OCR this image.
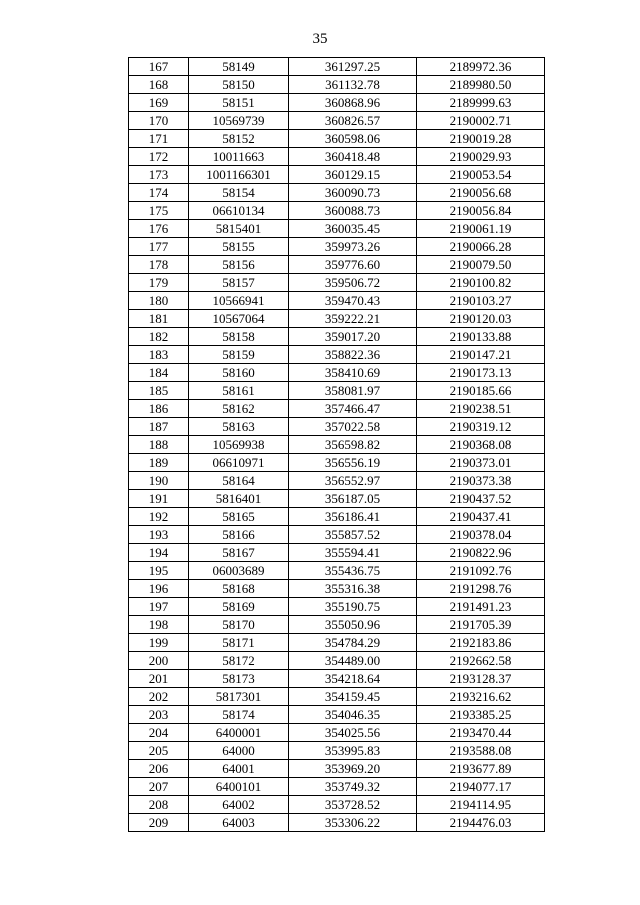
35
167	58149	361297.25	2189972.36
168	58150	361132.78	2189980.50
169	58151	360868.96	2189999.63
170	10569739	360826.57	2190002.71
171	58152	360598.06	2190019.28
172	10011663	360418.48	2190029.93
173	1001166301	360129.15	2190053.54
174	58154	360090.73	2190056.68
175	06610134	360088.73	2190056.84
176	5815401	360035.45	2190061.19
177	58155	359973.26	2190066.28
178	58156	359776.60	2190079.50
179	58157	359506.72	2190100.82
180	10566941	359470.43	2190103.27
181	10567064	359222.21	2190120.03
182	58158	359017.20	2190133.88
183	58159	358822.36	2190147.21
184	58160	358410.69	2190173.13
185	58161	358081.97	2190185.66
186	58162	357466.47	2190238.51
187	58163	357022.58	2190319.12
188	10569938	356598.82	2190368.08
189	06610971	356556.19	2190373.01
190	58164	356552.97	2190373.38
191	5816401	356187.05	2190437.52
192	58165	356186.41	2190437.41
193	58166	355857.52	2190378.04
194	58167	355594.41	2190822.96
195	06003689	355436.75	2191092.76
196	58168	355316.38	2191298.76
197	58169	355190.75	2191491.23
198	58170	355050.96	2191705.39
199	58171	354784.29	2192183.86
200	58172	354489.00	2192662.58
201	58173	354218.64	2193128.37
202	5817301	354159.45	2193216.62
203	58174	354046.35	2193385.25
204	6400001	354025.56	2193470.44
205	64000	353995.83	2193588.08
206	64001	353969.20	2193677.89
207	6400101	353749.32	2194077.17
208	64002	353728.52	2194114.95
209	64003	353306.22	2194476.03
